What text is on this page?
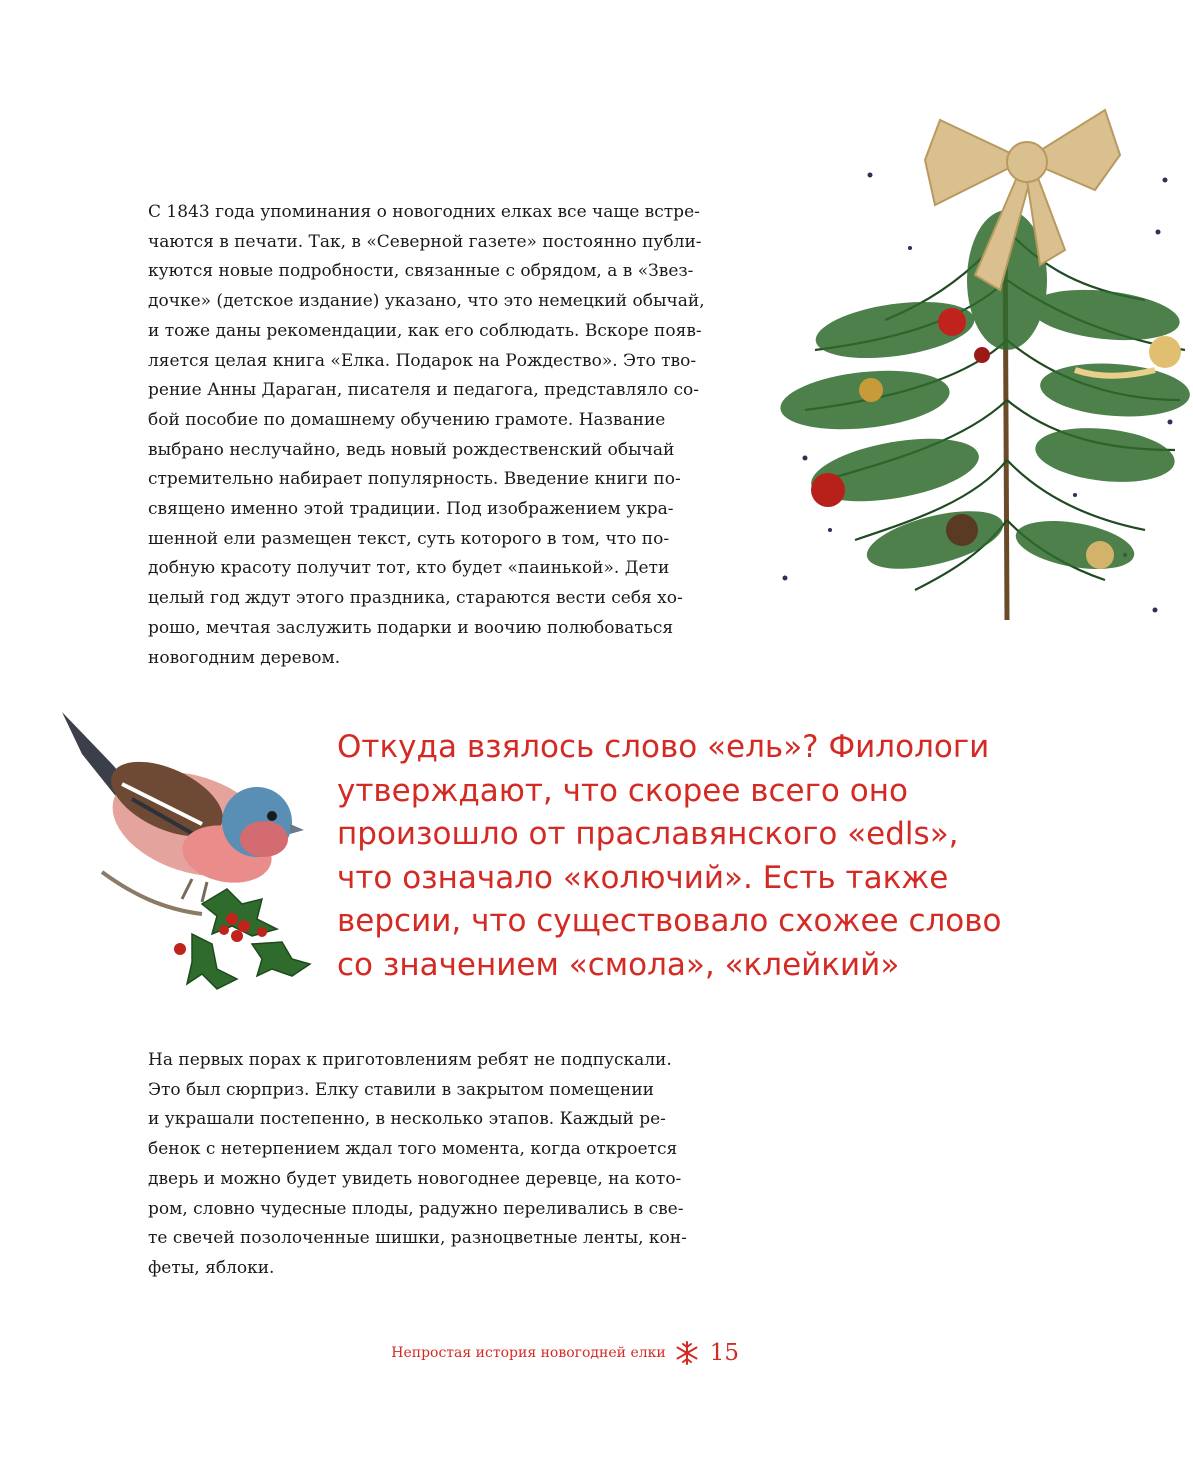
С 1843 года упоминания о новогодних елках все чаще встре-
чаются в печати. Так, в «Северной газете» постоянно публи-
куются новые подробности, связанные с обрядом, а в «Звез-
дочке» (детское издание) указано, что это немецкий обычай,
и тоже даны рекомендации, как его соблюдать. Вскоре появ-
ляется целая книга «Елка. Подарок на Рождество». Это тво-
рение Анны Дараган, писателя и педагога, представляло со-
бой пособие по домашнему обучению грамоте. Название
выбрано неслучайно, ведь новый рождественский обычай
стремительно набирает популярность. Введение книги по-
священо именно этой традиции. Под изображением укра-
шенной ели размещен текст, суть которого в том, что по-
добную красоту получит тот, кто будет «паинькой». Дети
целый год ждут этого праздника, стараются вести себя хо-
рошо, мечтая заслужить подарки и воочию полюбоваться
новогодним деревом.
Откуда взялось слово «ель»? Филологи
утверждают, что скорее всего оно
произошло от праславянского «edls»,
что означало «колючий». Есть также
версии, что существовало схожее слово
со значением «смола», «клейкий»
На первых порах к приготовлениям ребят не подпускали.
Это был сюрприз. Елку ставили в закрытом помещении
и украшали постепенно, в несколько этапов. Каждый ре-
бенок с нетерпением ждал того момента, когда откроется
дверь и можно будет увидеть новогоднее деревце, на кото-
ром, словно чудесные плоды, радужно переливались в све-
те свечей позолоченные шишки, разноцветные ленты, кон-
феты, яблоки.
Непростая история новогодней елки 15
